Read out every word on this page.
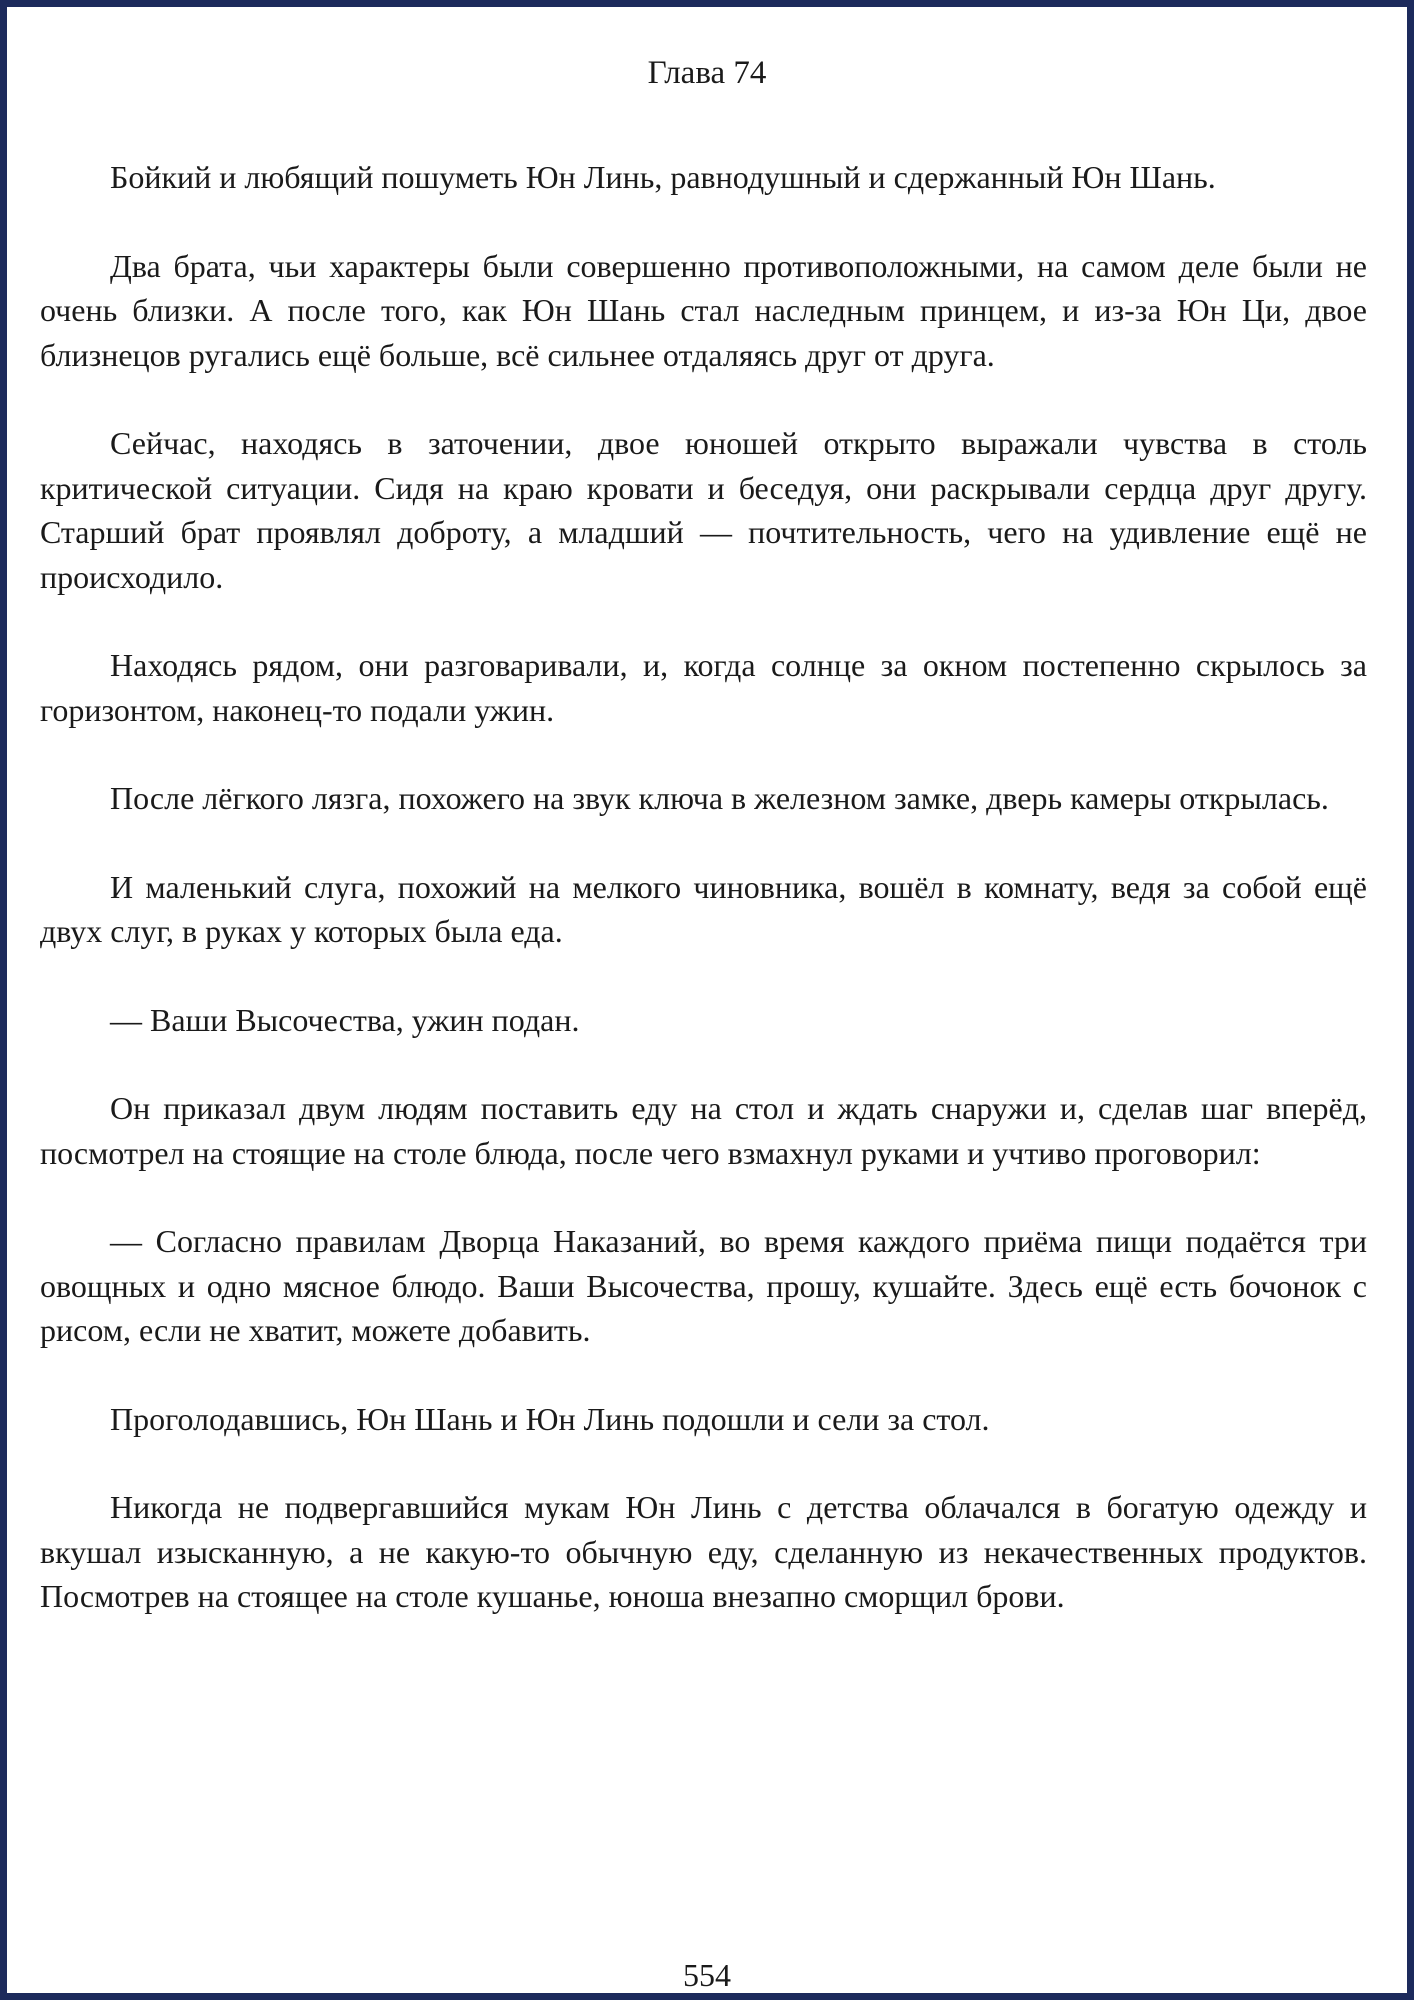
Глава 74

Бойкий и любящий пошуметь Юн Линь, равнодушный и сдержанный Юн Шань.

Два брата, чьи характеры были совершенно противоположными, на самом деле были не очень близки. А после того, как Юн Шань стал наследным принцем, и из-за Юн Ци, двое близнецов ругались ещё больше, всё сильнее отдаляясь друг от друга.

Сейчас, находясь в заточении, двое юношей открыто выражали чувства в столь критической ситуации. Сидя на краю кровати и беседуя, они раскрывали сердца друг другу. Старший брат проявлял доброту, а младший — почтительность, чего на удивление ещё не происходило.

Находясь рядом, они разговаривали, и, когда солнце за окном постепенно скрылось за горизонтом, наконец-то подали ужин.

После лёгкого лязга, похожего на звук ключа в железном замке, дверь камеры открылась.

И маленький слуга, похожий на мелкого чиновника, вошёл в комнату, ведя за собой ещё двух слуг, в руках у которых была еда.

— Ваши Высочества, ужин подан.

Он приказал двум людям поставить еду на стол и ждать снаружи и, сделав шаг вперёд, посмотрел на стоящие на столе блюда, после чего взмахнул руками и учтиво проговорил:

— Согласно правилам Дворца Наказаний, во время каждого приёма пищи подаётся три овощных и одно мясное блюдо. Ваши Высочества, прошу, кушайте. Здесь ещё есть бочонок с рисом, если не хватит, можете добавить.

Проголодавшись, Юн Шань и Юн Линь подошли и сели за стол.

Никогда не подвергавшийся мукам Юн Линь с детства облачался в богатую одежду и вкушал изысканную, а не какую-то обычную еду, сделанную из некачественных продуктов. Посмотрев на стоящее на столе кушанье, юноша внезапно сморщил брови.

554
